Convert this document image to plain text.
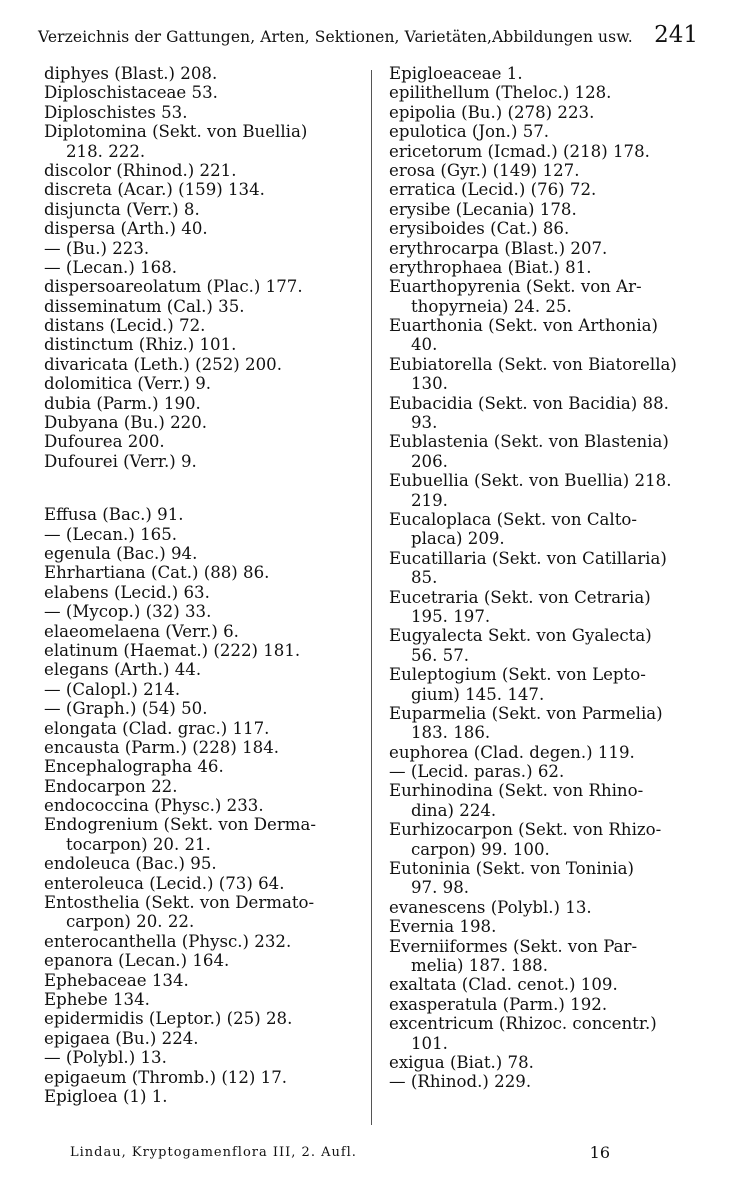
Verzeichnis der Gattungen, Arten, Sektionen, Varietäten,Abbildungen usw. 241
diphyes (Blast.) 208.
Diploschistaceae 53.
Diploschistes 53.
Diplotomina (Sekt. von Buellia)
218. 222.
discolor (Rhinod.) 221.
discreta (Acar.) (159) 134.
disjuncta (Verr.) 8.
dispersa (Arth.) 40.
— (Bu.) 223.
— (Lecan.) 168.
dispersoareolatum (Plac.) 177.
disseminatum (Cal.) 35.
distans (Lecid.) 72.
distinctum (Rhiz.) 101.
divaricata (Leth.) (252) 200.
dolomitica (Verr.) 9.
dubia (Parm.) 190.
Dubyana (Bu.) 220.
Dufourea 200.
Dufourei (Verr.) 9.
Effusa (Bac.) 91.
— (Lecan.) 165.
egenula (Bac.) 94.
Ehrhartiana (Cat.) (88) 86.
elabens (Lecid.) 63.
— (Mycop.) (32) 33.
elaeomelaena (Verr.) 6.
elatinum (Haemat.) (222) 181.
elegans (Arth.) 44.
— (Calopl.) 214.
— (Graph.) (54) 50.
elongata (Clad. grac.) 117.
encausta (Parm.) (228) 184.
Encephalographa 46.
Endocarpon 22.
endococcina (Physc.) 233.
Endogrenium (Sekt. von Derma-
tocarpon) 20. 21.
endoleuca (Bac.) 95.
enteroleuca (Lecid.) (73) 64.
Entosthelia (Sekt. von Dermato-
carpon) 20. 22.
enterocanthella (Physc.) 232.
epanora (Lecan.) 164.
Ephebaceae 134.
Ephebe 134.
epidermidis (Leptor.) (25) 28.
epigaea (Bu.) 224.
— (Polybl.) 13.
epigaeum (Thromb.) (12) 17.
Epigloea (1) 1.
Epigloeaceae 1.
epilithellum (Theloc.) 128.
epipolia (Bu.) (278) 223.
epulotica (Jon.) 57.
ericetorum (Icmad.) (218) 178.
erosa (Gyr.) (149) 127.
erratica (Lecid.) (76) 72.
erysibe (Lecania) 178.
erysiboides (Cat.) 86.
erythrocarpa (Blast.) 207.
erythrophaea (Biat.) 81.
Euarthopyrenia (Sekt. von Ar-
thopyrneia) 24. 25.
Euarthonia (Sekt. von Arthonia)
40.
Eubiatorella (Sekt. von Biatorella)
130.
Eubacidia (Sekt. von Bacidia) 88.
93.
Eublastenia (Sekt. von Blastenia)
206.
Eubuellia (Sekt. von Buellia) 218.
219.
Eucaloplaca (Sekt. von Calto-
placa) 209.
Eucatillaria (Sekt. von Catillaria)
85.
Eucetraria (Sekt. von Cetraria)
195. 197.
Eugyalecta Sekt. von Gyalecta)
56. 57.
Euleptogium (Sekt. von Lepto-
gium) 145. 147.
Euparmelia (Sekt. von Parmelia)
183. 186.
euphorea (Clad. degen.) 119.
— (Lecid. paras.) 62.
Eurhinodina (Sekt. von Rhino-
dina) 224.
Eurhizocarpon (Sekt. von Rhizo-
carpon) 99. 100.
Eutoninia (Sekt. von Toninia)
97. 98.
evanescens (Polybl.) 13.
Evernia 198.
Everniiformes (Sekt. von Par-
melia) 187. 188.
exaltata (Clad. cenot.) 109.
exasperatula (Parm.) 192.
excentricum (Rhizoc. concentr.)
101.
exigua (Biat.) 78.
— (Rhinod.) 229.
Lindau, Kryptogamenflora III, 2. Aufl.	16
